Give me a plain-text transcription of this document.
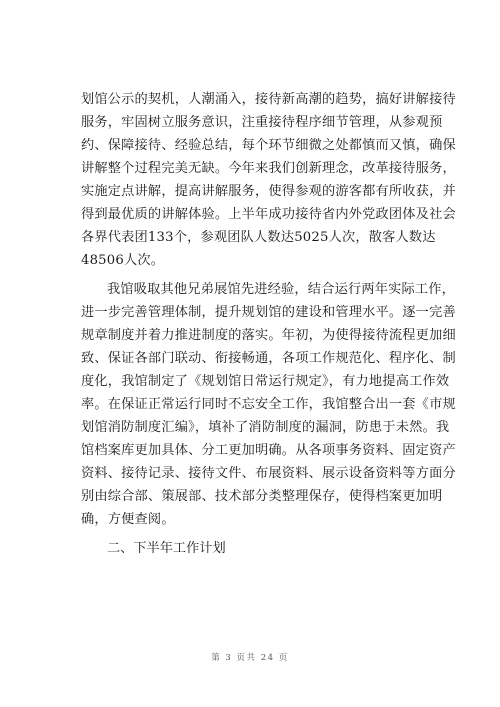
划馆公示的契机，人潮涌入，接待新高潮的趋势，搞好讲解接待
服务，牢固树立服务意识，注重接待程序细节管理，从参观预
约、保障接待、经验总结，每个环节细微之处都慎而又慎，确保
讲解整个过程完美无缺。今年来我们创新理念，改革接待服务，
实施定点讲解，提高讲解服务，使得参观的游客都有所收获，并
得到最优质的讲解体验。上半年成功接待省内外党政团体及社会
各界代表团133个，参观团队人数达5025人次，散客人数达
48506人次。
我馆吸取其他兄弟展馆先进经验，结合运行两年实际工作，
进一步完善管理体制，提升规划馆的建设和管理水平。逐一完善
规章制度并着力推进制度的落实。年初，为使得接待流程更加细
致、保证各部门联动、衔接畅通，各项工作规范化、程序化、制
度化，我馆制定了《规划馆日常运行规定》，有力地提高工作效
率。在保证正常运行同时不忘安全工作，我馆整合出一套《市规
划馆消防制度汇编》，填补了消防制度的漏洞，防患于未然。我
馆档案库更加具体、分工更加明确。从各项事务资料、固定资产
资料、接待记录、接待文件、布展资料、展示设备资料等方面分
别由综合部、策展部、技术部分类整理保存，使得档案更加明
确，方便查阅。

二、下半年工作计划

第 3 页共 24 页
